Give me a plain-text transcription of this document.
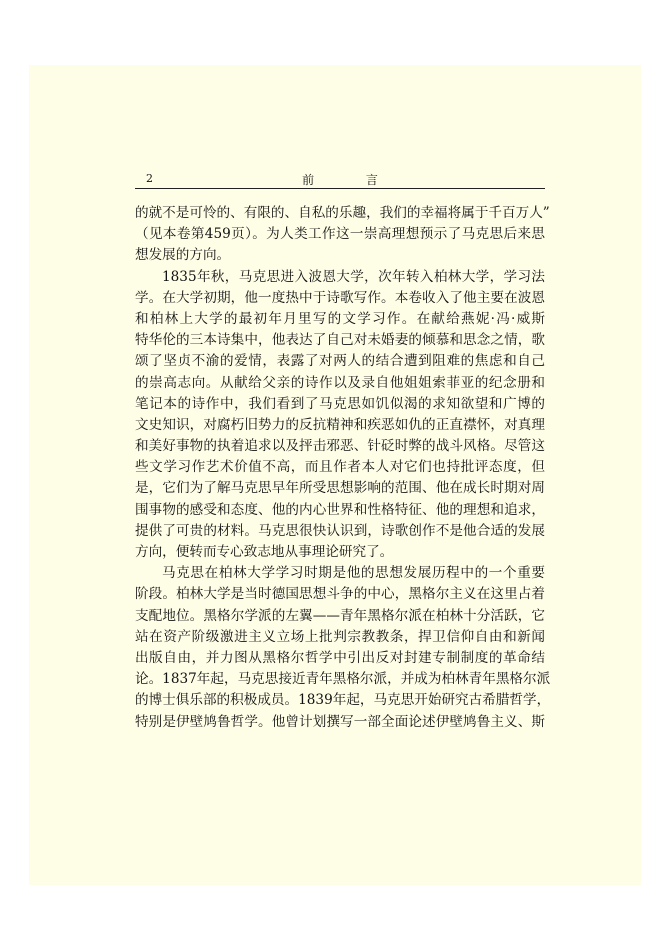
2	前 言
的就不是可怜的、有限的、自私的乐趣，我们的幸福将属于千百万人”
（见本卷第459页）。为人类工作这一崇高理想预示了马克思后来思
想发展的方向。
1835年秋，马克思进入波恩大学，次年转入柏林大学，学习法
学。在大学初期，他一度热中于诗歌写作。本卷收入了他主要在波恩
和柏林上大学的最初年月里写的文学习作。在献给燕妮·冯·威斯
特华伦的三本诗集中，他表达了自己对未婚妻的倾慕和思念之情，歌
颂了坚贞不渝的爱情，表露了对两人的结合遭到阻难的焦虑和自己
的崇高志向。从献给父亲的诗作以及录自他姐姐索菲亚的纪念册和
笔记本的诗作中，我们看到了马克思如饥似渴的求知欲望和广博的
文史知识，对腐朽旧势力的反抗精神和疾恶如仇的正直襟怀，对真理
和美好事物的执着追求以及抨击邪恶、针砭时弊的战斗风格。尽管这
些文学习作艺术价值不高，而且作者本人对它们也持批评态度，但
是，它们为了解马克思早年所受思想影响的范围、他在成长时期对周
围事物的感受和态度、他的内心世界和性格特征、他的理想和追求，
提供了可贵的材料。马克思很快认识到，诗歌创作不是他合适的发展
方向，便转而专心致志地从事理论研究了。
马克思在柏林大学学习时期是他的思想发展历程中的一个重要
阶段。柏林大学是当时德国思想斗争的中心，黑格尔主义在这里占着
支配地位。黑格尔学派的左翼——青年黑格尔派在柏林十分活跃，它
站在资产阶级激进主义立场上批判宗教教条，捍卫信仰自由和新闻
出版自由，并力图从黑格尔哲学中引出反对封建专制制度的革命结
论。1837年起，马克思接近青年黑格尔派，并成为柏林青年黑格尔派
的博士俱乐部的积极成员。1839年起，马克思开始研究古希腊哲学，
特别是伊壁鸠鲁哲学。他曾计划撰写一部全面论述伊壁鸠鲁主义、斯
